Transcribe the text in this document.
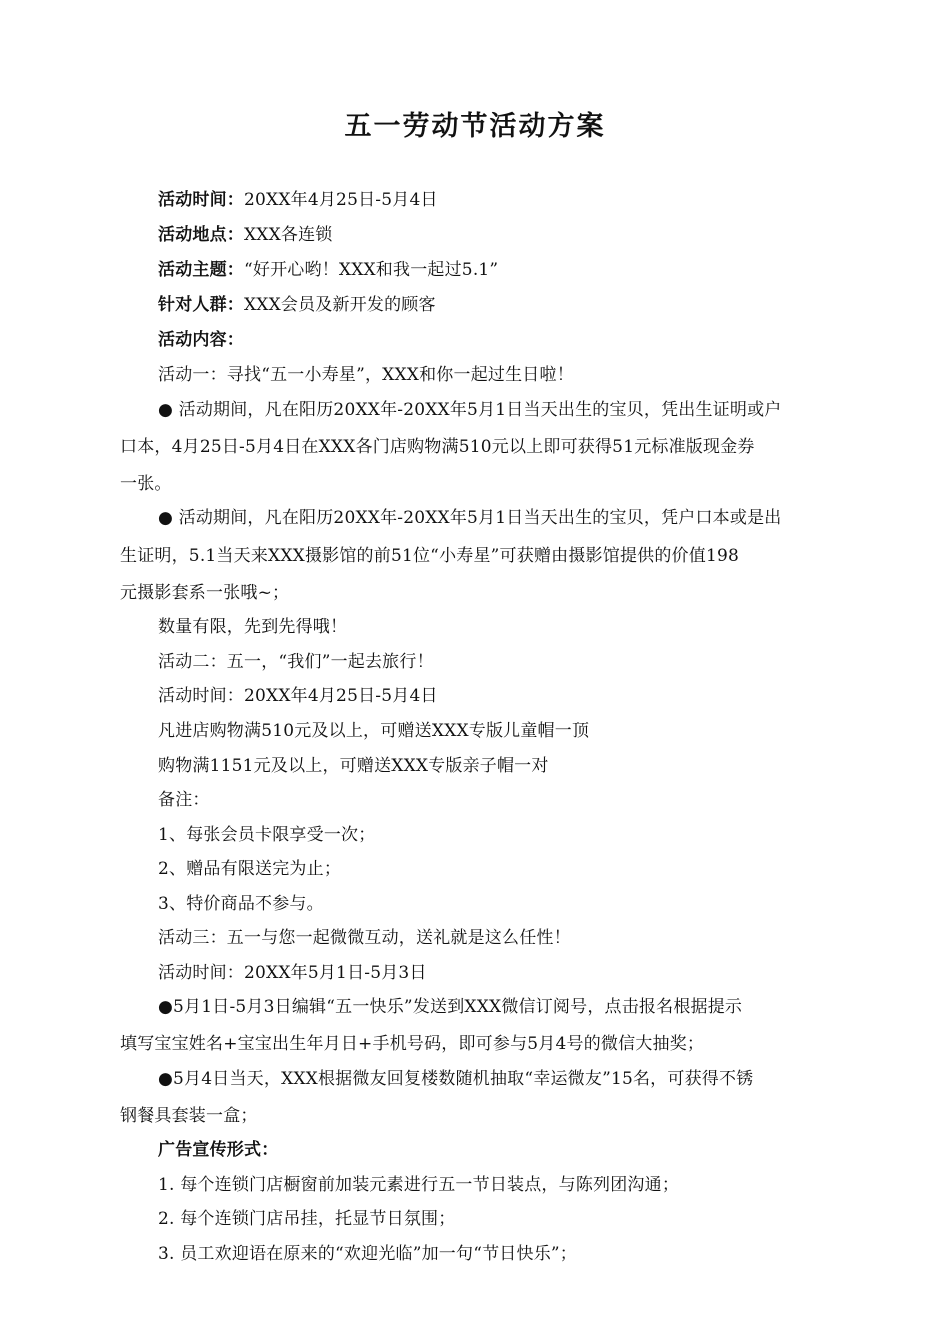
五一劳动节活动方案
活动时间：20XX年4月25日-5月4日
活动地点：XXX各连锁
活动主题：“好开心哟！XXX和我一起过5.1”
针对人群：XXX会员及新开发的顾客
活动内容：
活动一：寻找“五一小寿星”，XXX和你一起过生日啦！
● 活动期间，凡在阳历20XX年-20XX年5月1日当天出生的宝贝，凭出生证明或户
口本，4月25日-5月4日在XXX各门店购物满510元以上即可获得51元标准版现金券
一张。
● 活动期间，凡在阳历20XX年-20XX年5月1日当天出生的宝贝，凭户口本或是出
生证明，5.1当天来XXX摄影馆的前51位“小寿星”可获赠由摄影馆提供的价值198
元摄影套系一张哦~；
数量有限，先到先得哦！
活动二：五一，“我们”一起去旅行！
活动时间：20XX年4月25日-5月4日
凡进店购物满510元及以上，可赠送XXX专版儿童帽一顶
购物满1151元及以上，可赠送XXX专版亲子帽一对
备注：
1、每张会员卡限享受一次；
2、赠品有限送完为止；
3、特价商品不参与。
活动三：五一与您一起微微互动，送礼就是这么任性！
活动时间：20XX年5月1日-5月3日
●5月1日-5月3日编辑“五一快乐”发送到XXX微信订阅号，点击报名根据提示
填写宝宝姓名+宝宝出生年月日+手机号码，即可参与5月4号的微信大抽奖；
●5月4日当天，XXX根据微友回复楼数随机抽取“幸运微友”15名，可获得不锈
钢餐具套装一盒；
广告宣传形式：
1. 每个连锁门店橱窗前加装元素进行五一节日装点，与陈列团沟通；
2. 每个连锁门店吊挂，托显节日氛围；
3. 员工欢迎语在原来的“欢迎光临”加一句“节日快乐”；
